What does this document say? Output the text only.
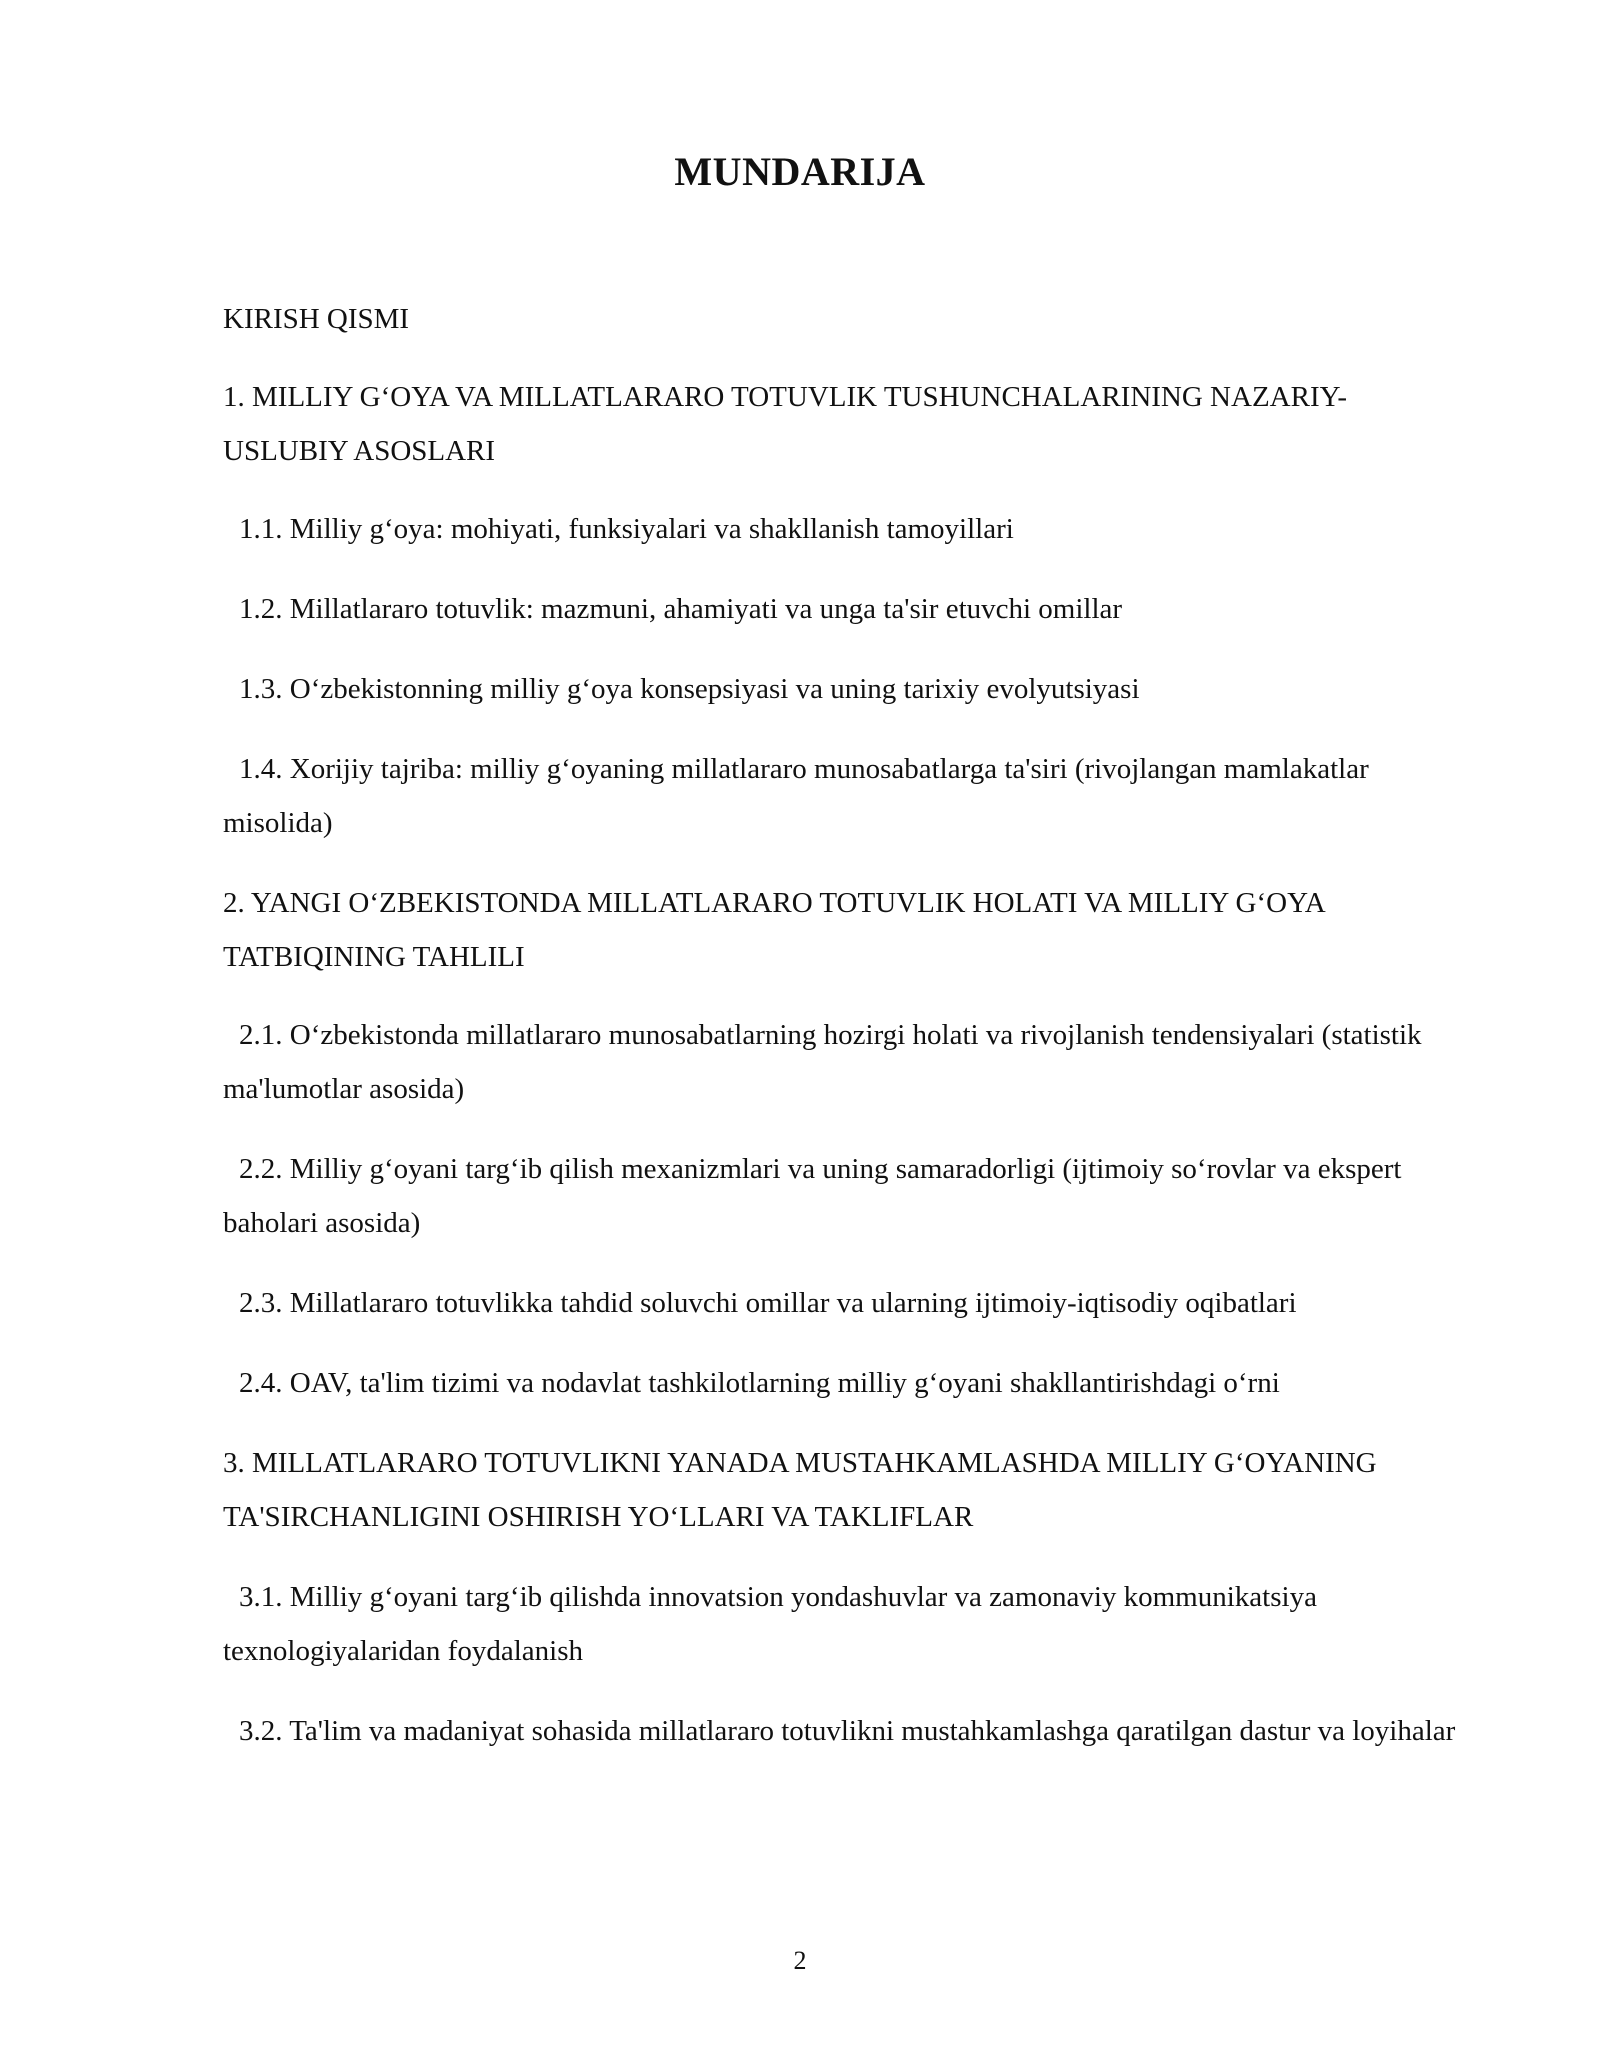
MUNDARIJA

KIRISH QISMI

1. MILLIY G‘OYA VA MILLATLARARO TOTUVLIK TUSHUNCHALARINING NAZARIY-USLUBIY ASOSLARI

1.1. Milliy g‘oya: mohiyati, funksiyalari va shakllanish tamoyillari

1.2. Millatlararo totuvlik: mazmuni, ahamiyati va unga ta'sir etuvchi omillar

1.3. O‘zbekistonning milliy g‘oya konsepsiyasi va uning tarixiy evolyutsiyasi

1.4. Xorijiy tajriba: milliy g‘oyaning millatlararo munosabatlarga ta'siri (rivojlangan mamlakatlar misolida)

2. YANGI O‘ZBEKISTONDA MILLATLARARO TOTUVLIK HOLATI VA MILLIY G‘OYA TATBIQINING TAHLILI

2.1. O‘zbekistonda millatlararo munosabatlarning hozirgi holati va rivojlanish tendensiyalari (statistik ma'lumotlar asosida)

2.2. Milliy g‘oyani targ‘ib qilish mexanizmlari va uning samaradorligi (ijtimoiy so‘rovlar va ekspert baholari asosida)

2.3. Millatlararo totuvlikka tahdid soluvchi omillar va ularning ijtimoiy-iqtisodiy oqibatlari

2.4. OAV, ta'lim tizimi va nodavlat tashkilotlarning milliy g‘oyani shakllantirishdagi o‘rni

3. MILLATLARARO TOTUVLIKNI YANADA MUSTAHKAMLASHDA MILLIY G‘OYANING TA'SIRCHANLIGINI OSHIRISH YO‘LLARI VA TAKLIFLAR

3.1. Milliy g‘oyani targ‘ib qilishda innovatsion yondashuvlar va zamonaviy kommunikatsiya texnologiyalaridan foydalanish

3.2. Ta'lim va madaniyat sohasida millatlararo totuvlikni mustahkamlashga qaratilgan dastur va loyihalar

2
